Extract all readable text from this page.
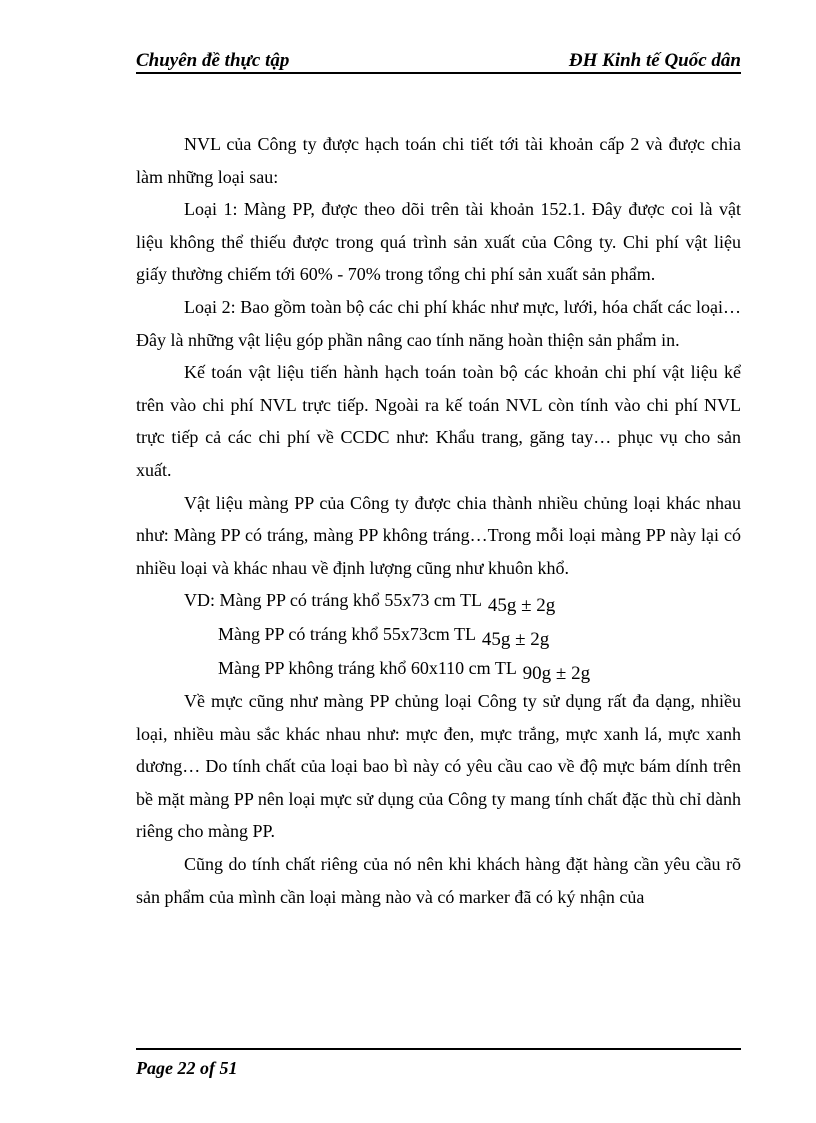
Chuyên đề thực tập	ĐH Kinh tế Quốc dân

NVL của Công ty được hạch toán chi tiết tới tài khoản cấp 2 và được chia làm những loại sau:

Loại 1: Màng PP, được theo dõi trên tài khoản 152.1. Đây được coi là vật liệu không thể thiếu được trong quá trình sản xuất của Công ty. Chi phí vật liệu giấy thường chiếm tới 60% - 70% trong tổng chi phí sản xuất sản phẩm.

Loại 2: Bao gồm toàn bộ các chi phí khác như mực, lưới, hóa chất các loại… Đây là những vật liệu góp phần nâng cao tính năng hoàn thiện sản phẩm in.

Kế toán vật liệu tiến hành hạch toán toàn bộ các khoản chi phí vật liệu kể trên vào chi phí NVL trực tiếp. Ngoài ra kế toán NVL còn tính vào chi phí NVL trực tiếp cả các chi phí về CCDC như: Khẩu trang, găng tay… phục vụ cho sản xuất.

Vật liệu màng PP của Công ty được chia thành nhiều chủng loại khác nhau như: Màng PP có tráng, màng PP không tráng…Trong mỗi loại màng PP này lại có nhiều loại và khác nhau về định lượng cũng như khuôn khổ.

VD: Màng PP có tráng khổ 55x73 cm TL 45g ± 2g

Màng PP có tráng khổ 55x73cm TL 45g ± 2g

Màng PP không tráng khổ 60x110 cm TL 90g ± 2g

Về mực cũng như màng PP chủng loại Công ty sử dụng rất đa dạng, nhiều loại, nhiều màu sắc khác nhau như: mực đen, mực trắng, mực xanh lá, mực xanh dương… Do tính chất của loại bao bì này có yêu cầu cao về độ mực bám dính trên bề mặt màng PP nên loại mực sử dụng của Công ty mang tính chất đặc thù chỉ dành riêng cho màng PP.

Cũng do tính chất riêng của nó nên khi khách hàng đặt hàng cần yêu cầu rõ sản phẩm của mình cần loại màng nào và có marker đã có ký nhận của

Page 22 of 51
